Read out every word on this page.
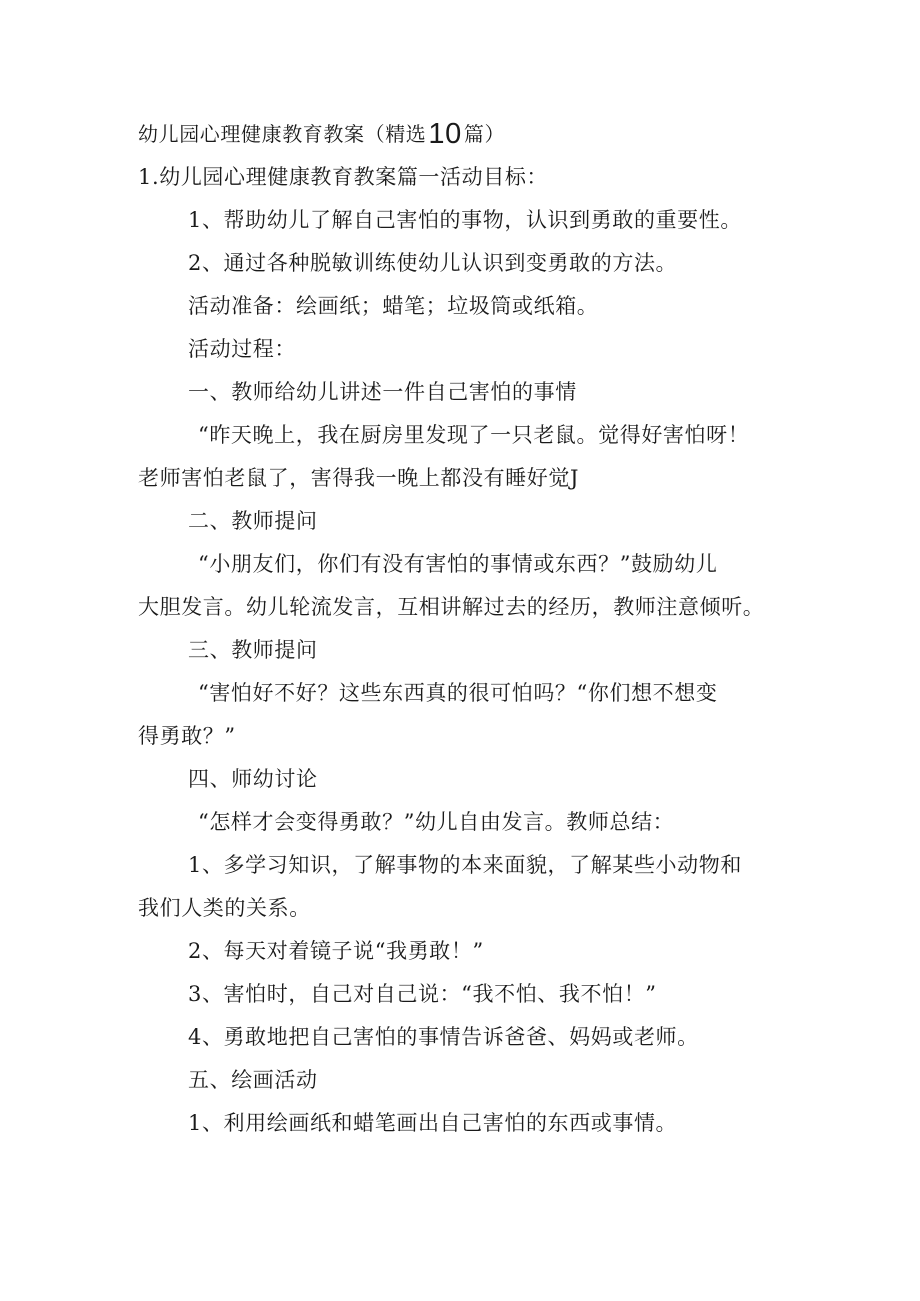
幼儿园心理健康教育教案（精选10 篇）
1.幼儿园心理健康教育教案篇一活动目标：
1、帮助幼儿了解自己害怕的事物，认识到勇敢的重要性。
2、通过各种脱敏训练使幼儿认识到变勇敢的方法。
活动准备：绘画纸；蜡笔；垃圾筒或纸箱。
活动过程：
一、教师给幼儿讲述一件自己害怕的事情
“昨天晚上，我在厨房里发现了一只老鼠。觉得好害怕呀！
老师害怕老鼠了，害得我一晚上都没有睡好觉J
二、教师提问
“小朋友们，你们有没有害怕的事情或东西？”鼓励幼儿
大胆发言。幼儿轮流发言，互相讲解过去的经历，教师注意倾听。
三、教师提问
“害怕好不好？这些东西真的很可怕吗？“你们想不想变
得勇敢？”
四、师幼讨论
“怎样才会变得勇敢？”幼儿自由发言。教师总结：
1、多学习知识，了解事物的本来面貌，了解某些小动物和
我们人类的关系。
2、每天对着镜子说“我勇敢！”
3、害怕时，自己对自己说：“我不怕、我不怕！”
4、勇敢地把自己害怕的事情告诉爸爸、妈妈或老师。
五、绘画活动
1、利用绘画纸和蜡笔画出自己害怕的东西或事情。
